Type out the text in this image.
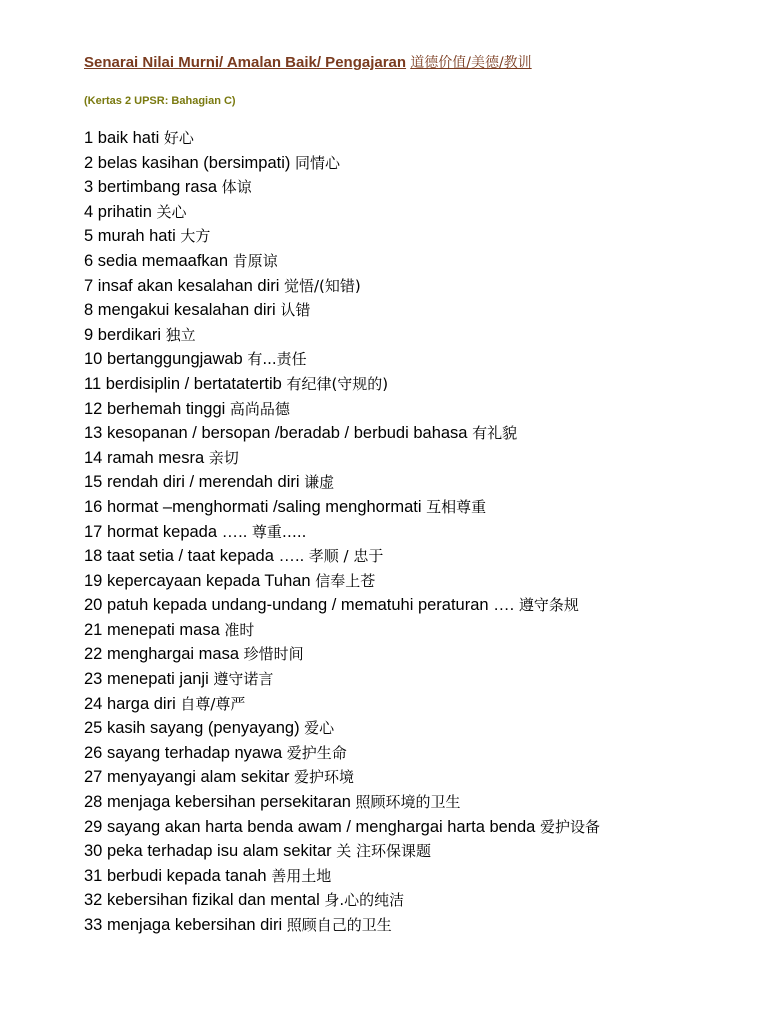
Senarai Nilai Murni/ Amalan Baik/ Pengajaran 道德价值/美德/教训
(Kertas 2 UPSR: Bahagian C)
1 baik hati 好心
2 belas kasihan (bersimpati) 同情心
3 bertimbang rasa 体谅
4 prihatin 关心
5 murah hati 大方
6 sedia memaafkan 肯原谅
7 insaf akan kesalahan diri 觉悟/(知错)
8 mengakui kesalahan diri 认错
9 berdikari 独立
10 bertanggungjawab 有...责任
11 berdisiplin / bertatatertib 有纪律(守规的)
12 berhemah tinggi 高尚品德
13 kesopanan / bersopan /beradab / berbudi bahasa 有礼貌
14 ramah mesra 亲切
15 rendah diri / merendah diri 谦虚
16 hormat –menghormati /saling menghormati 互相尊重
17 hormat kepada ….. 尊重…..
18 taat setia / taat kepada ….. 孝顺 / 忠于
19 kepercayaan kepada Tuhan 信奉上苍
20 patuh kepada undang-undang / mematuhi peraturan …. 遵守条规
21 menepati masa 准时
22 menghargai masa 珍惜时间
23 menepati janji 遵守诺言
24 harga diri 自尊/尊严
25 kasih sayang (penyayang) 爱心
26 sayang terhadap nyawa 爱护生命
27 menyayangi alam sekitar 爱护环境
28 menjaga kebersihan persekitaran 照顾环境的卫生
29 sayang akan harta benda awam / menghargai harta benda 爱护设备
30 peka terhadap isu alam sekitar 关 注环保课题
31 berbudi kepada tanah 善用土地
32 kebersihan fizikal dan mental 身.心的纯洁
33 menjaga kebersihan diri 照顾自己的卫生
